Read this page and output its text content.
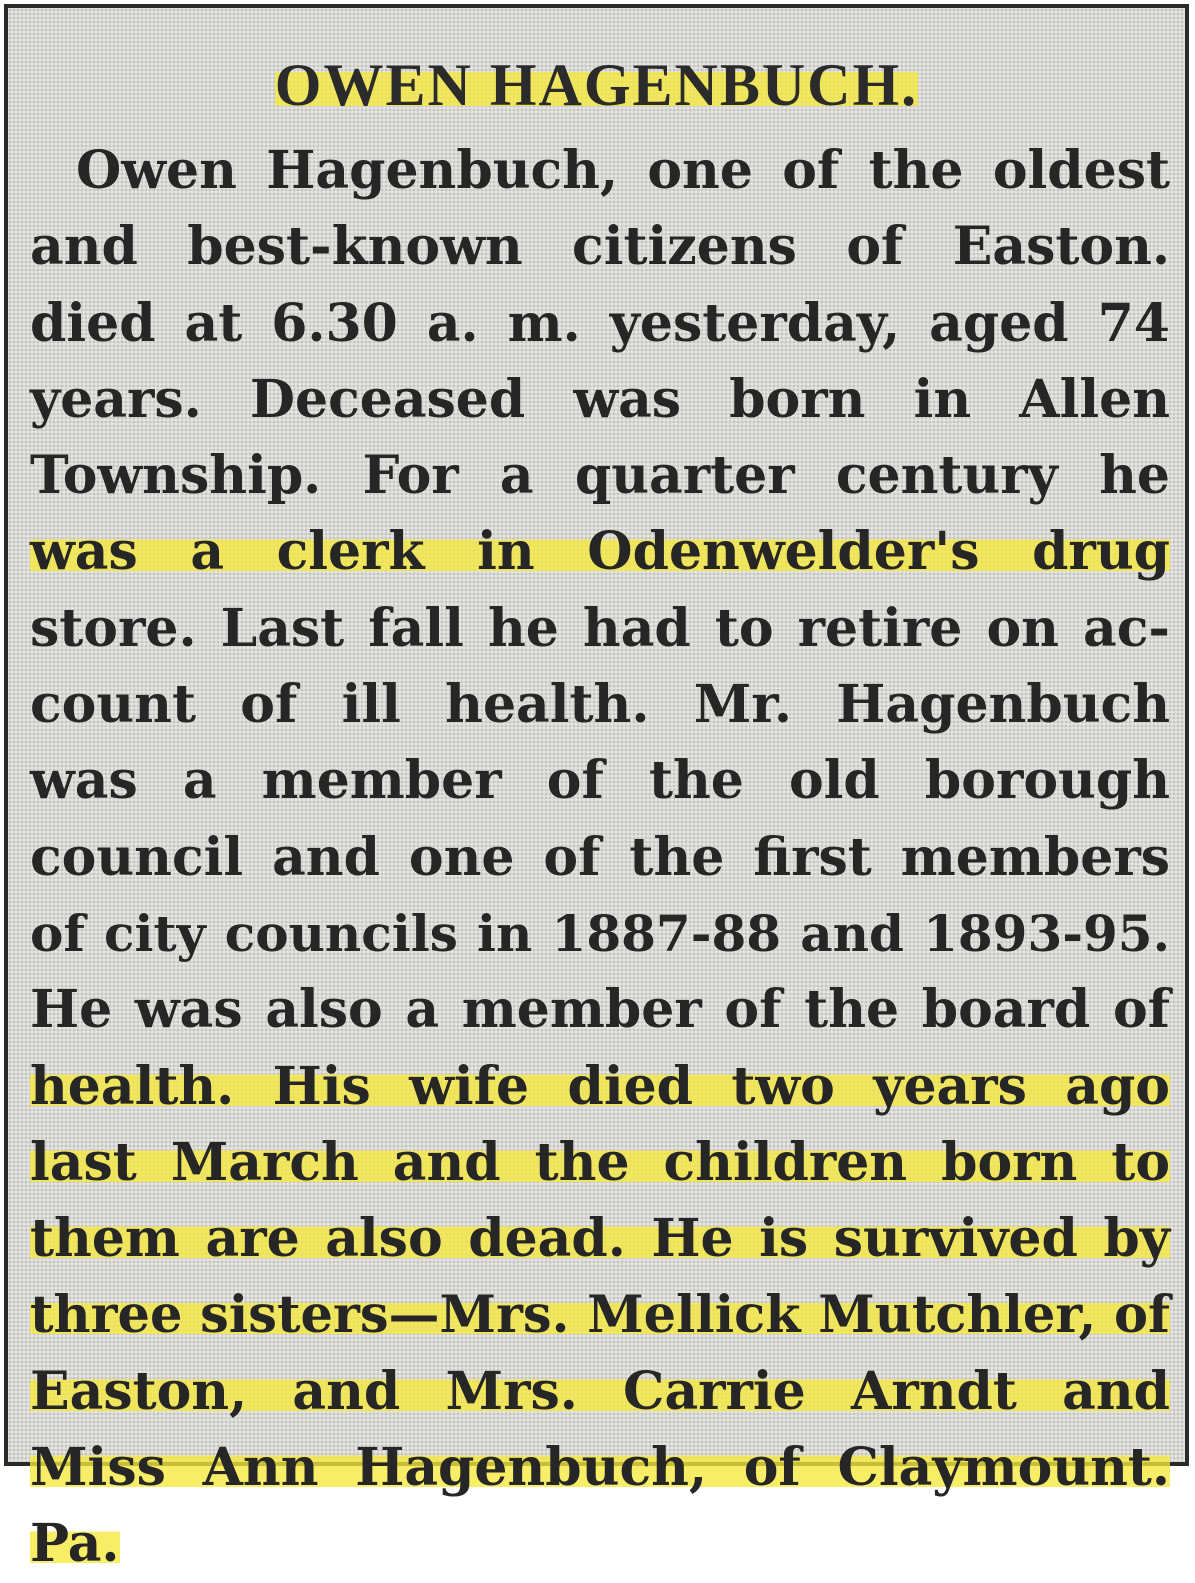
OWEN HAGENBUCH.
Owen Hagenbuch, one of the oldest
and best-known citizens of Easton.
died at 6.30 a. m. yesterday, aged 74
years. Deceased was born in Allen
Township. For a quarter century he
was a clerk in Odenwelder's drug
store. Last fall he had to retire on ac-
count of ill health. Mr. Hagenbuch
was a member of the old borough
council and one of the first members
of city councils in 1887-88 and 1893-95.
He was also a member of the board of
health. His wife died two years ago
last March and the children born to
them are also dead. He is survived by
three sisters—Mrs. Mellick Mutchler, of
Easton, and Mrs. Carrie Arndt and
Miss Ann Hagenbuch, of Claymount.
Pa.
